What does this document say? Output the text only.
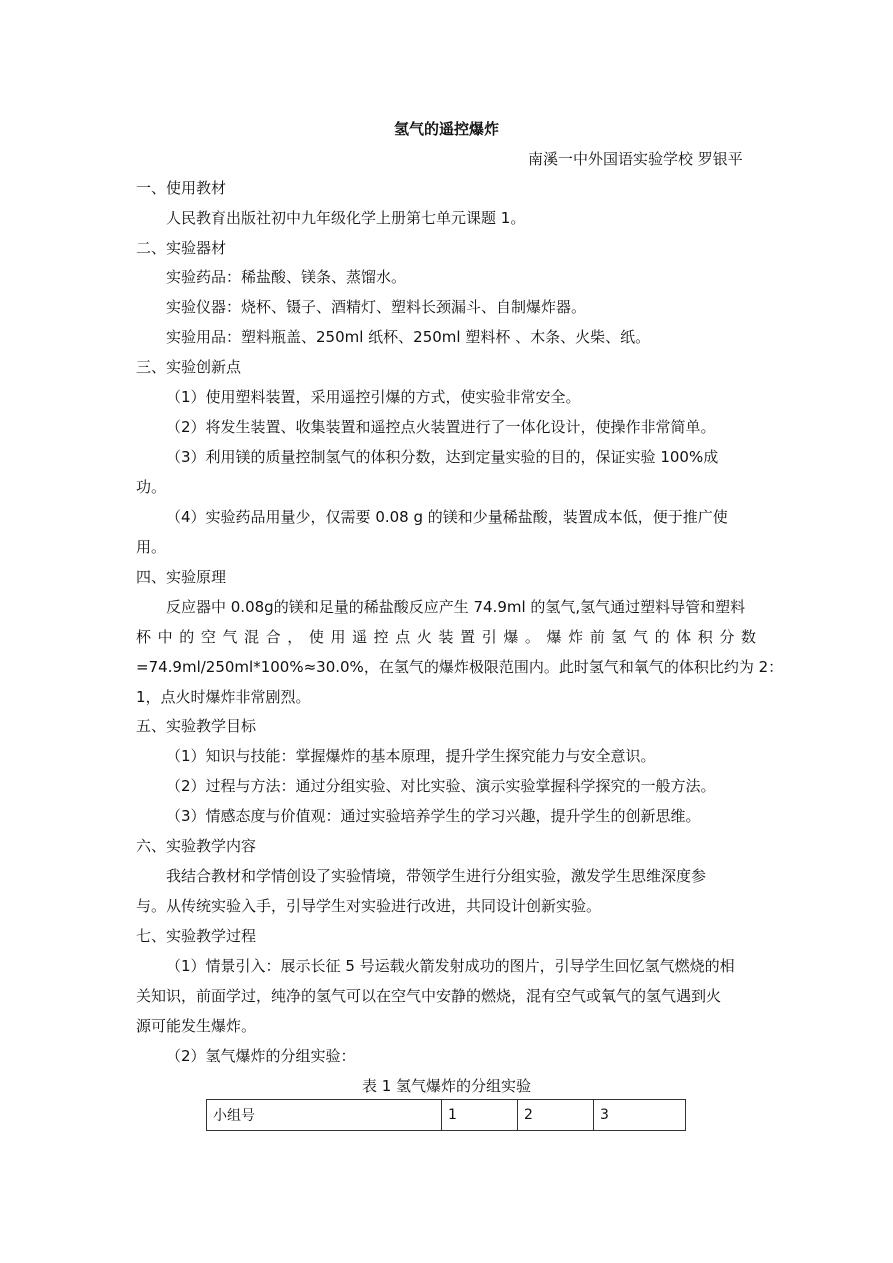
氢气的遥控爆炸
南溪一中外国语实验学校 罗银平
一、使用教材
人民教育出版社初中九年级化学上册第七单元课题 1。
二、实验器材
实验药品：稀盐酸、镁条、蒸馏水。
实验仪器：烧杯、镊子、酒精灯、塑料长颈漏斗、自制爆炸器。
实验用品：塑料瓶盖、250ml 纸杯、250ml 塑料杯 、木条、火柴、纸。
三、实验创新点
（1）使用塑料装置，采用遥控引爆的方式，使实验非常安全。
（2）将发生装置、收集装置和遥控点火装置进行了一体化设计，使操作非常简单。
（3）利用镁的质量控制氢气的体积分数，达到定量实验的目的，保证实验 100%成
功。
（4）实验药品用量少，仅需要 0.08 g 的镁和少量稀盐酸，装置成本低，便于推广使
用。
四、实验原理
反应器中 0.08g的镁和足量的稀盐酸反应产生 74.9ml 的氢气,氢气通过塑料导管和塑料
杯 中 的 空 气 混 合 ， 使 用 遥 控 点 火 装 置 引 爆 。 爆 炸 前 氢 气 的 体 积 分 数
=74.9ml/250ml*100%≈30.0%，在氢气的爆炸极限范围内。此时氢气和氧气的体积比约为 2：
1，点火时爆炸非常剧烈。
五、实验教学目标
（1）知识与技能：掌握爆炸的基本原理，提升学生探究能力与安全意识。
（2）过程与方法：通过分组实验、对比实验、演示实验掌握科学探究的一般方法。
（3）情感态度与价值观：通过实验培养学生的学习兴趣，提升学生的创新思维。
六、实验教学内容
我结合教材和学情创设了实验情境，带领学生进行分组实验，激发学生思维深度参
与。从传统实验入手，引导学生对实验进行改进，共同设计创新实验。
七、实验教学过程
（1）情景引入：展示长征 5 号运载火箭发射成功的图片，引导学生回忆氢气燃烧的相
关知识，前面学过，纯净的氢气可以在空气中安静的燃烧，混有空气或氧气的氢气遇到火
源可能发生爆炸。
（2）氢气爆炸的分组实验：
表 1 氢气爆炸的分组实验
小组号	1	2	3
